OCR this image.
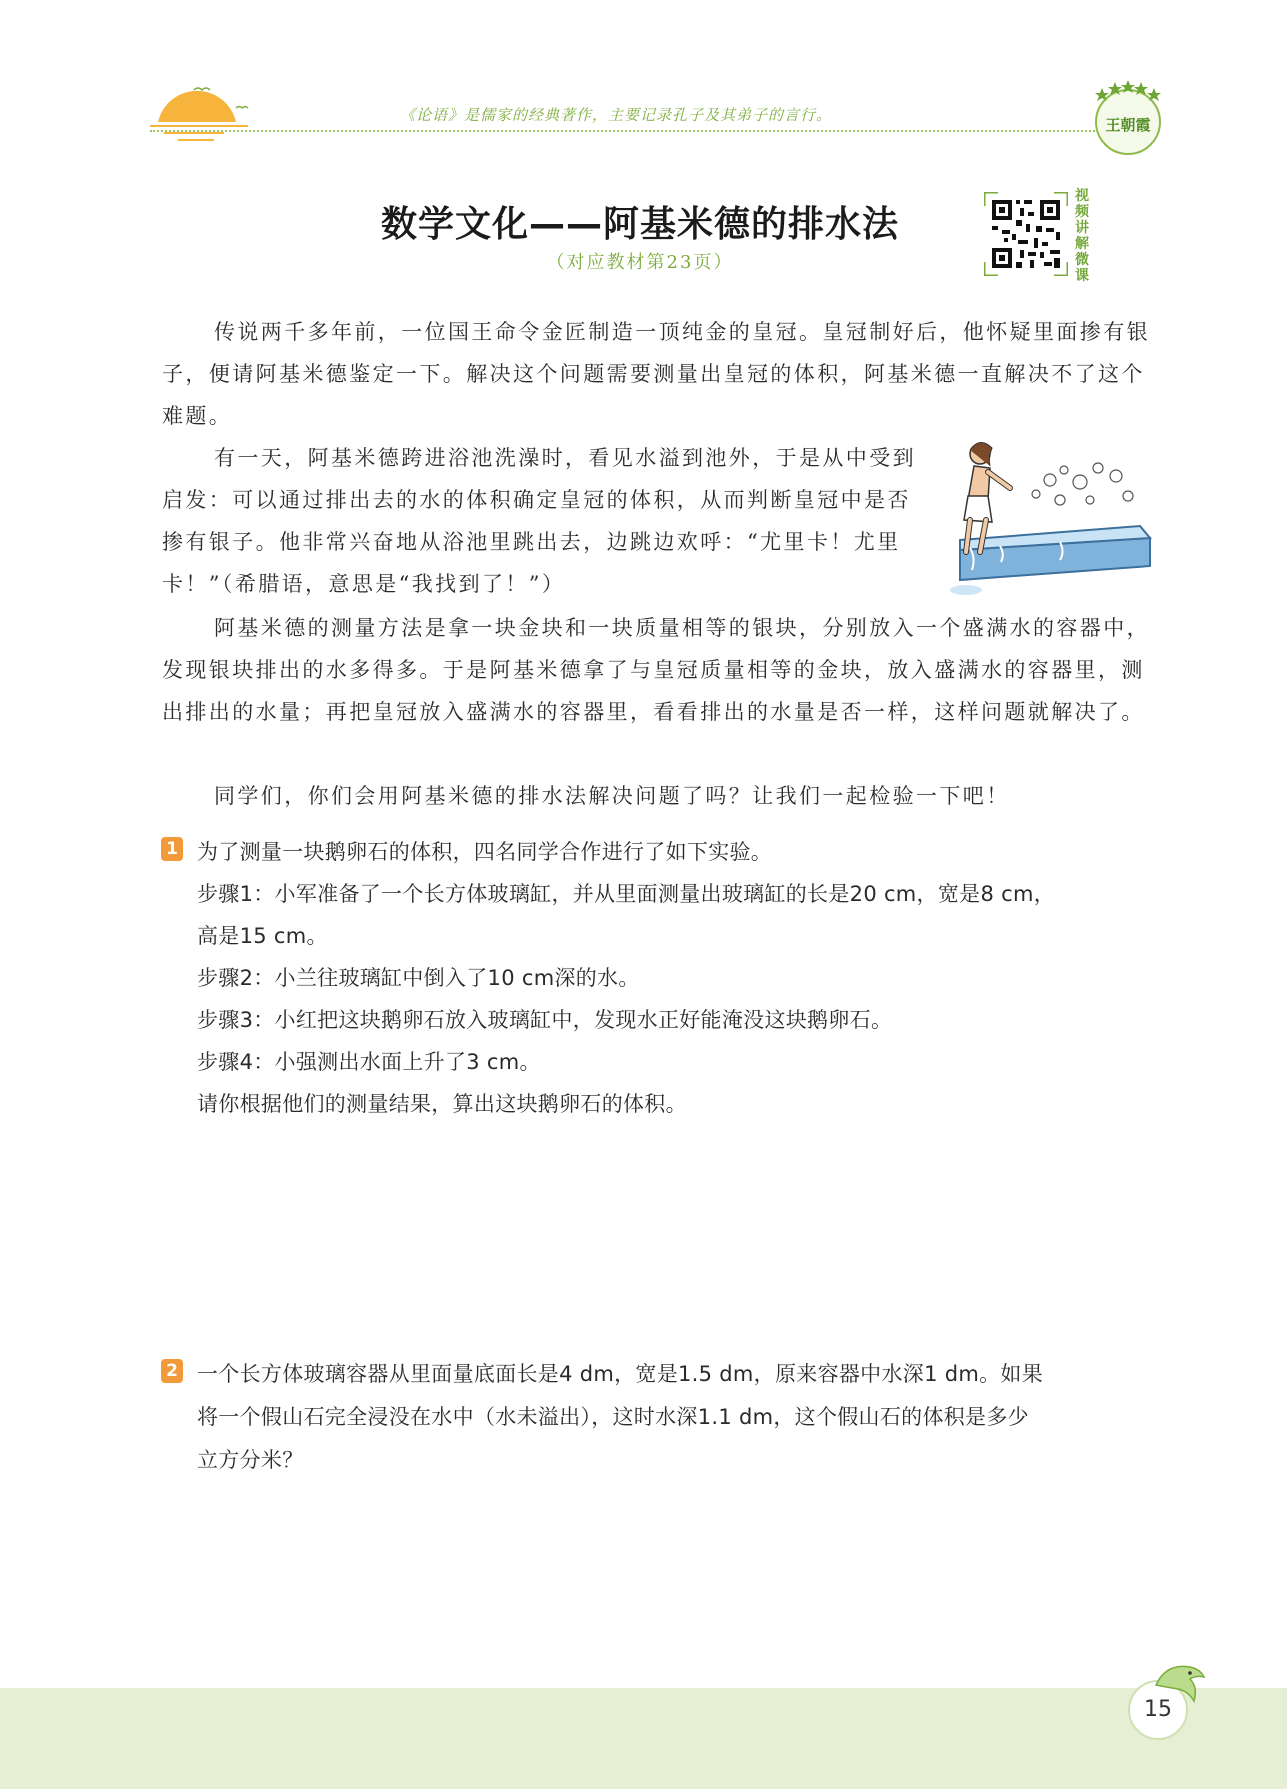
《论语》是儒家的经典著作，主要记录孔子及其弟子的言行。
王朝霞
数学文化——阿基米德的排水法
（对应教材第23页）
视频讲解微课

传说两千多年前，一位国王命令金匠制造一顶纯金的皇冠。皇冠制好后，他怀疑里面掺有银子，便请阿基米德鉴定一下。解决这个问题需要测量出皇冠的体积，阿基米德一直解决不了这个难题。

有一天，阿基米德跨进浴池洗澡时，看见水溢到池外，于是从中受到启发：可以通过排出去的水的体积确定皇冠的体积，从而判断皇冠中是否掺有银子。他非常兴奋地从浴池里跳出去，边跳边欢呼：“尤里卡！尤里卡！”（希腊语，意思是“我找到了！”）

阿基米德的测量方法是拿一块金块和一块质量相等的银块，分别放入一个盛满水的容器中，发现银块排出的水多得多。于是阿基米德拿了与皇冠质量相等的金块，放入盛满水的容器里，测出排出的水量；再把皇冠放入盛满水的容器里，看看排出的水量是否一样，这样问题就解决了。

同学们，你们会用阿基米德的排水法解决问题了吗？让我们一起检验一下吧！

1 为了测量一块鹅卵石的体积，四名同学合作进行了如下实验。
步骤1：小军准备了一个长方体玻璃缸，并从里面测量出玻璃缸的长是20 cm，宽是8 cm，
高是15 cm。
步骤2：小兰往玻璃缸中倒入了10 cm深的水。
步骤3：小红把这块鹅卵石放入玻璃缸中，发现水正好能淹没这块鹅卵石。
步骤4：小强测出水面上升了3 cm。
请你根据他们的测量结果，算出这块鹅卵石的体积。
2 一个长方体玻璃容器从里面量底面长是4 dm，宽是1.5 dm，原来容器中水深1 dm。如果
将一个假山石完全浸没在水中（水未溢出），这时水深1.1 dm，这个假山石的体积是多少
立方分米？
15
